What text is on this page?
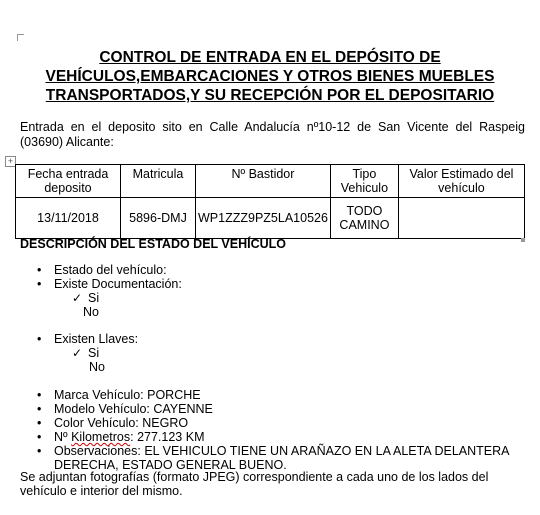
CONTROL DE ENTRADA EN EL DEPÓSITO DE VEHÍCULOS,EMBARCACIONES Y OTROS BIENES MUEBLES TRANSPORTADOS,Y SU RECEPCIÓN POR EL DEPOSITARIO
Entrada en el deposito sito en Calle Andalucía nº10-12 de San Vicente del Raspeig (03690) Alicante:
+
Fecha entrada deposito	Matricula	Nº Bastidor	Tipo Vehiculo	Valor Estimado del vehículo
13/11/2018	5896-DMJ	WP1ZZZ9PZ5LA10526	TODO CAMINO	
DESCRIPCIÓN DEL ESTADO DEL VEHÍCULO
• Estado del vehículo:
• Existe Documentación:
✓ Si
No
• Existen Llaves:
✓ Si
No
• Marca Vehículo: PORCHE
• Modelo Vehículo: CAYENNE
• Color Vehículo: NEGRO
• Nº Kilometros: 277.123 KM
• Observaciones: EL VEHICULO TIENE UN ARAÑAZO EN LA ALETA DELANTERA DERECHA, ESTADO GENERAL BUENO.
Se adjuntan fotografías (formato JPEG) correspondiente a cada uno de los lados del vehículo e interior del mismo.
